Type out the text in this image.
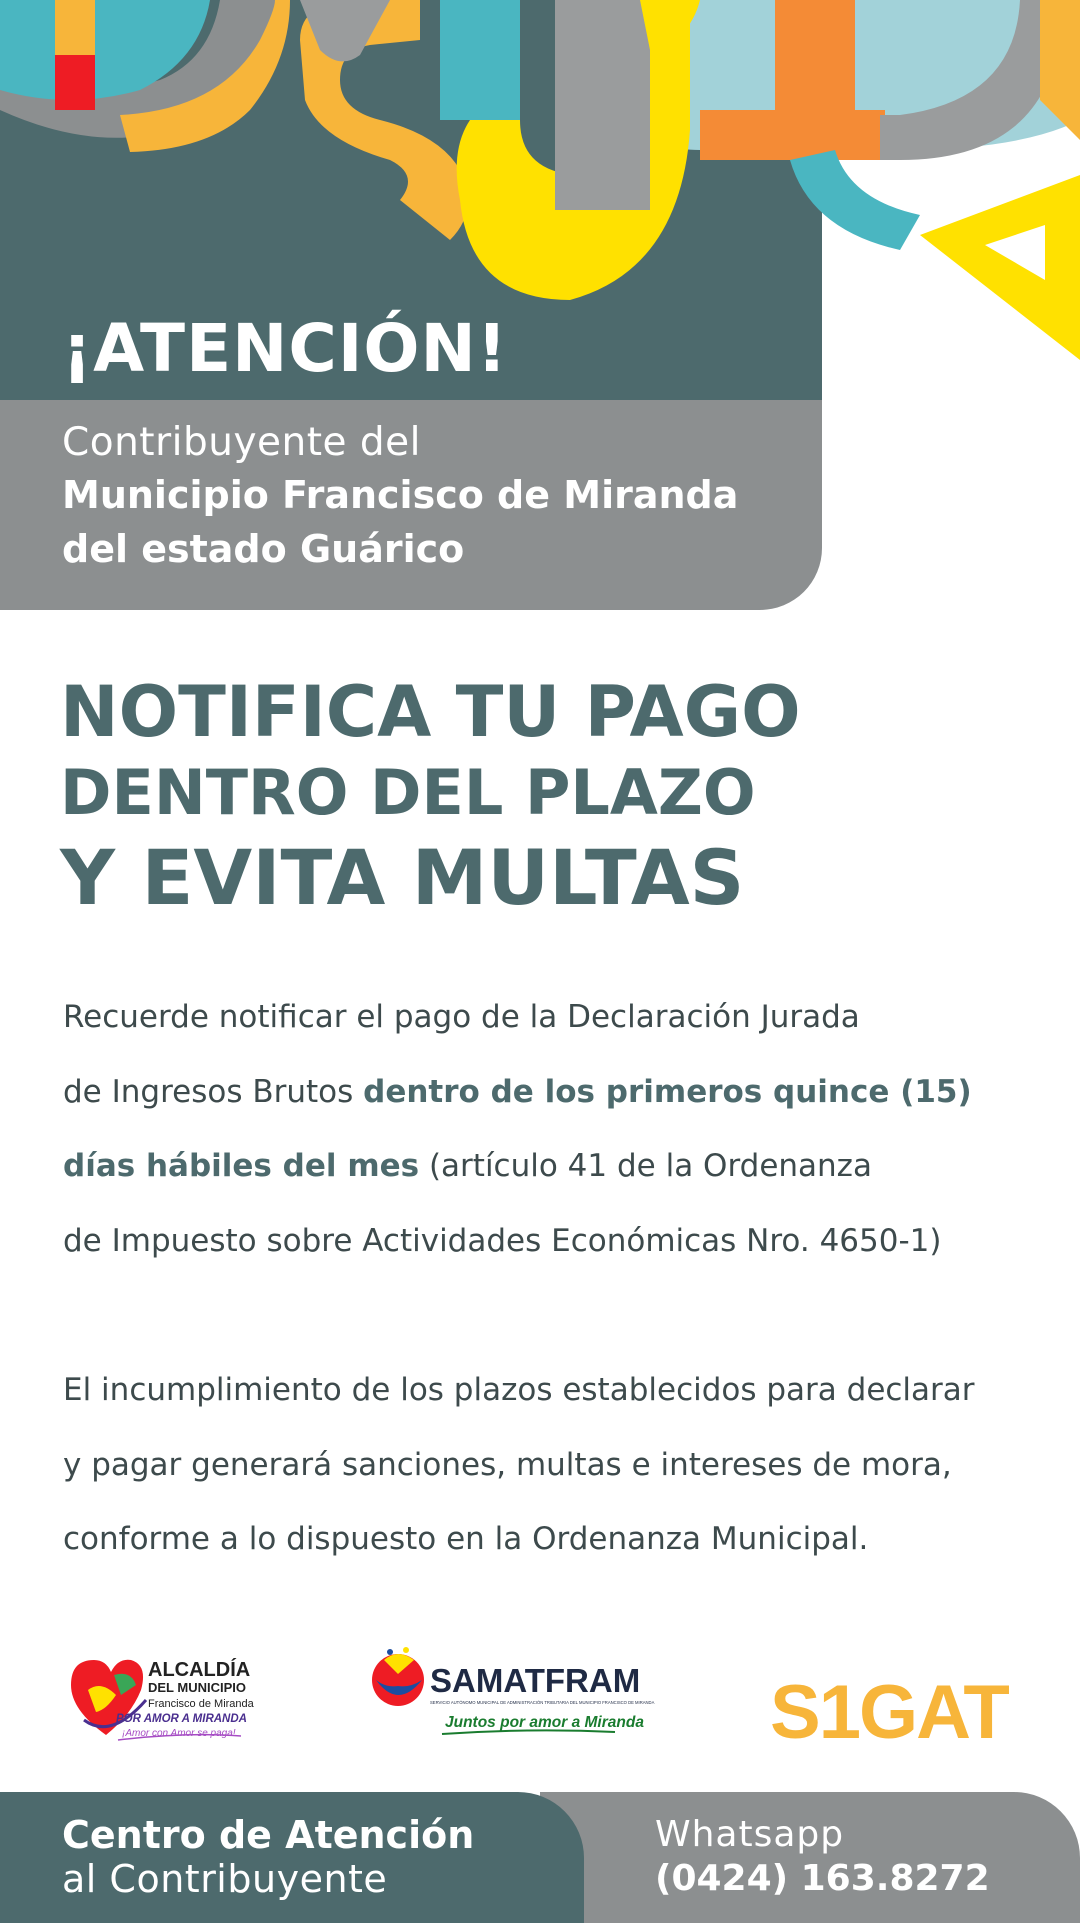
¡ATENCIÓN!
Contribuyente del
Municipio Francisco de Miranda
del estado Guárico
NOTIFICA TU PAGO
DENTRO DEL PLAZO
Y EVITA MULTAS

Recuerde notificar el pago de la Declaración Jurada
de Ingresos Brutos dentro de los primeros quince (15)
días hábiles del mes (artículo 41 de la Ordenanza
de Impuesto sobre Actividades Económicas Nro. 4650-1)

El incumplimiento de los plazos establecidos para declarar
y pagar generará sanciones, multas e intereses de mora,
conforme a lo dispuesto en la Ordenanza Municipal.

ALCALDÍA
DEL MUNICIPIO
Francisco de Miranda
POR AMOR A MIRANDA
¡Amor con Amor se paga!
SAMATFRAM
SERVICIO AUTÓNOMO MUNICIPAL DE ADMINISTRACIÓN TRIBUTARIA DEL MUNICIPIO FRANCISCO DE MIRANDA
Juntos por amor a Miranda S1GAT
Centro de Atención
al Contribuyente
Whatsapp
(0424) 163.8272
